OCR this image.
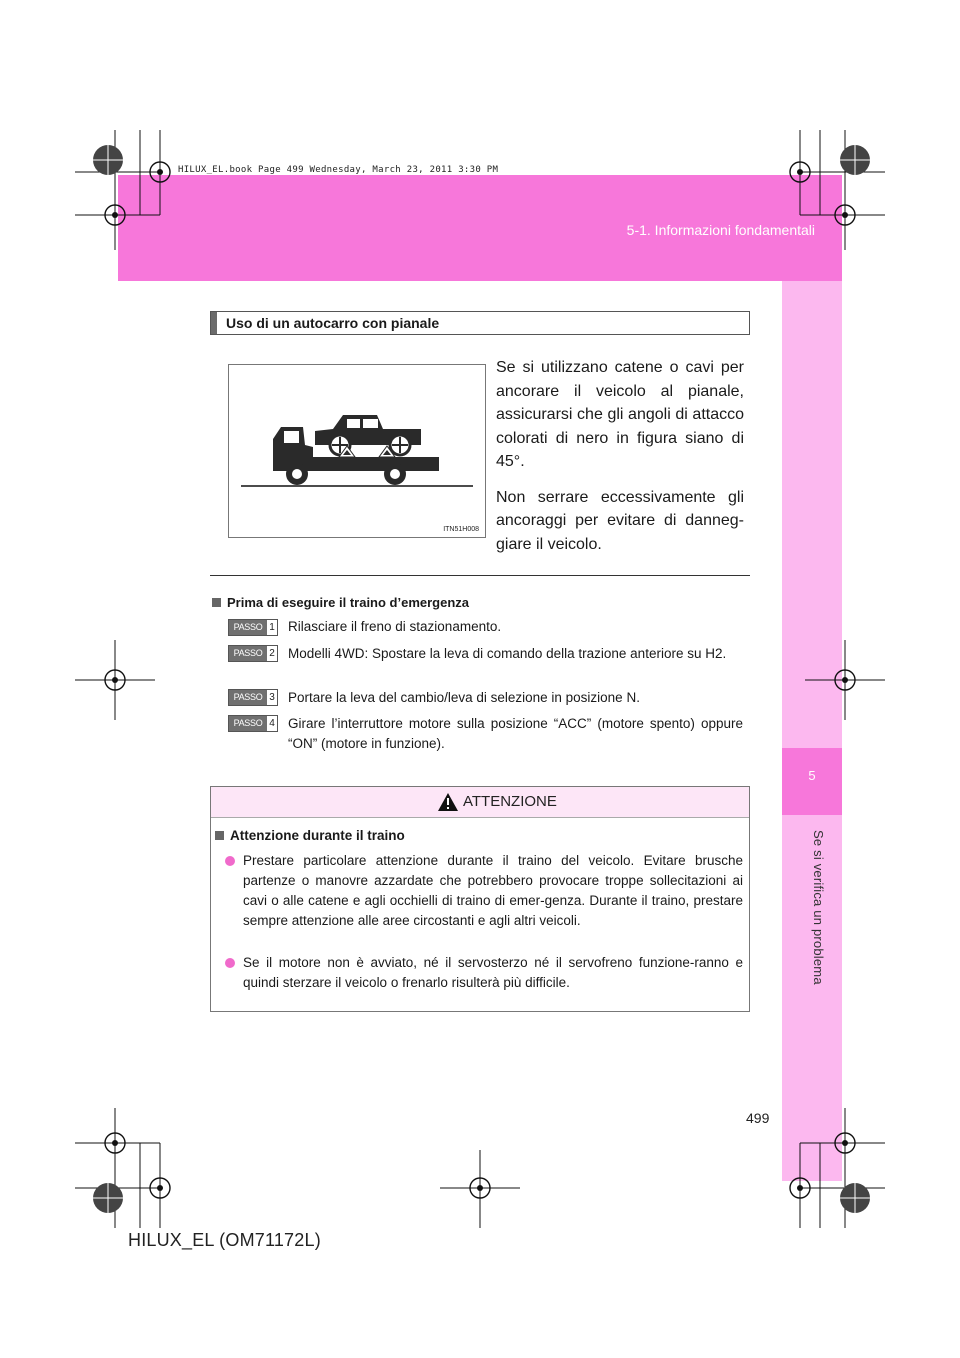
5-1. Informazioni fondamentali
5
Se si verifica un problema
HILUX_EL.book Page 499 Wednesday, March 23, 2011 3:30 PM
Uso di un autocarro con pianale
ITN51H008

Se si utilizzano catene o cavi per ancorare il veicolo al pianale, assicurarsi che gli angoli di attacco colorati di nero in figura siano di 45°.

Non serrare eccessivamente gli ancoraggi per evitare di danneg-giare il veicolo.

Prima di eseguire il traino d’emergenza
PASSO 1 Rilasciare il freno di stazionamento.
PASSO 2 Modelli 4WD: Spostare la leva di comando della trazione anteriore su H2.
PASSO 3 Portare la leva del cambio/leva di selezione in posizione N.
PASSO 4 Girare l’interruttore motore sulla posizione “ACC” (motore spento) oppure “ON” (motore in funzione).
ATTENZIONE
Attenzione durante il traino
Prestare particolare attenzione durante il traino del veicolo. Evitare brusche partenze o manovre azzardate che potrebbero provocare troppe sollecitazioni ai cavi o alle catene e agli occhielli di traino di emer-genza. Durante il traino, prestare sempre attenzione alle aree circostanti e agli altri veicoli.
Se il motore non è avviato, né il servosterzo né il servofreno funzione-ranno e quindi sterzare il veicolo o frenarlo risulterà più difficile.
499
HILUX_EL (OM71172L)
